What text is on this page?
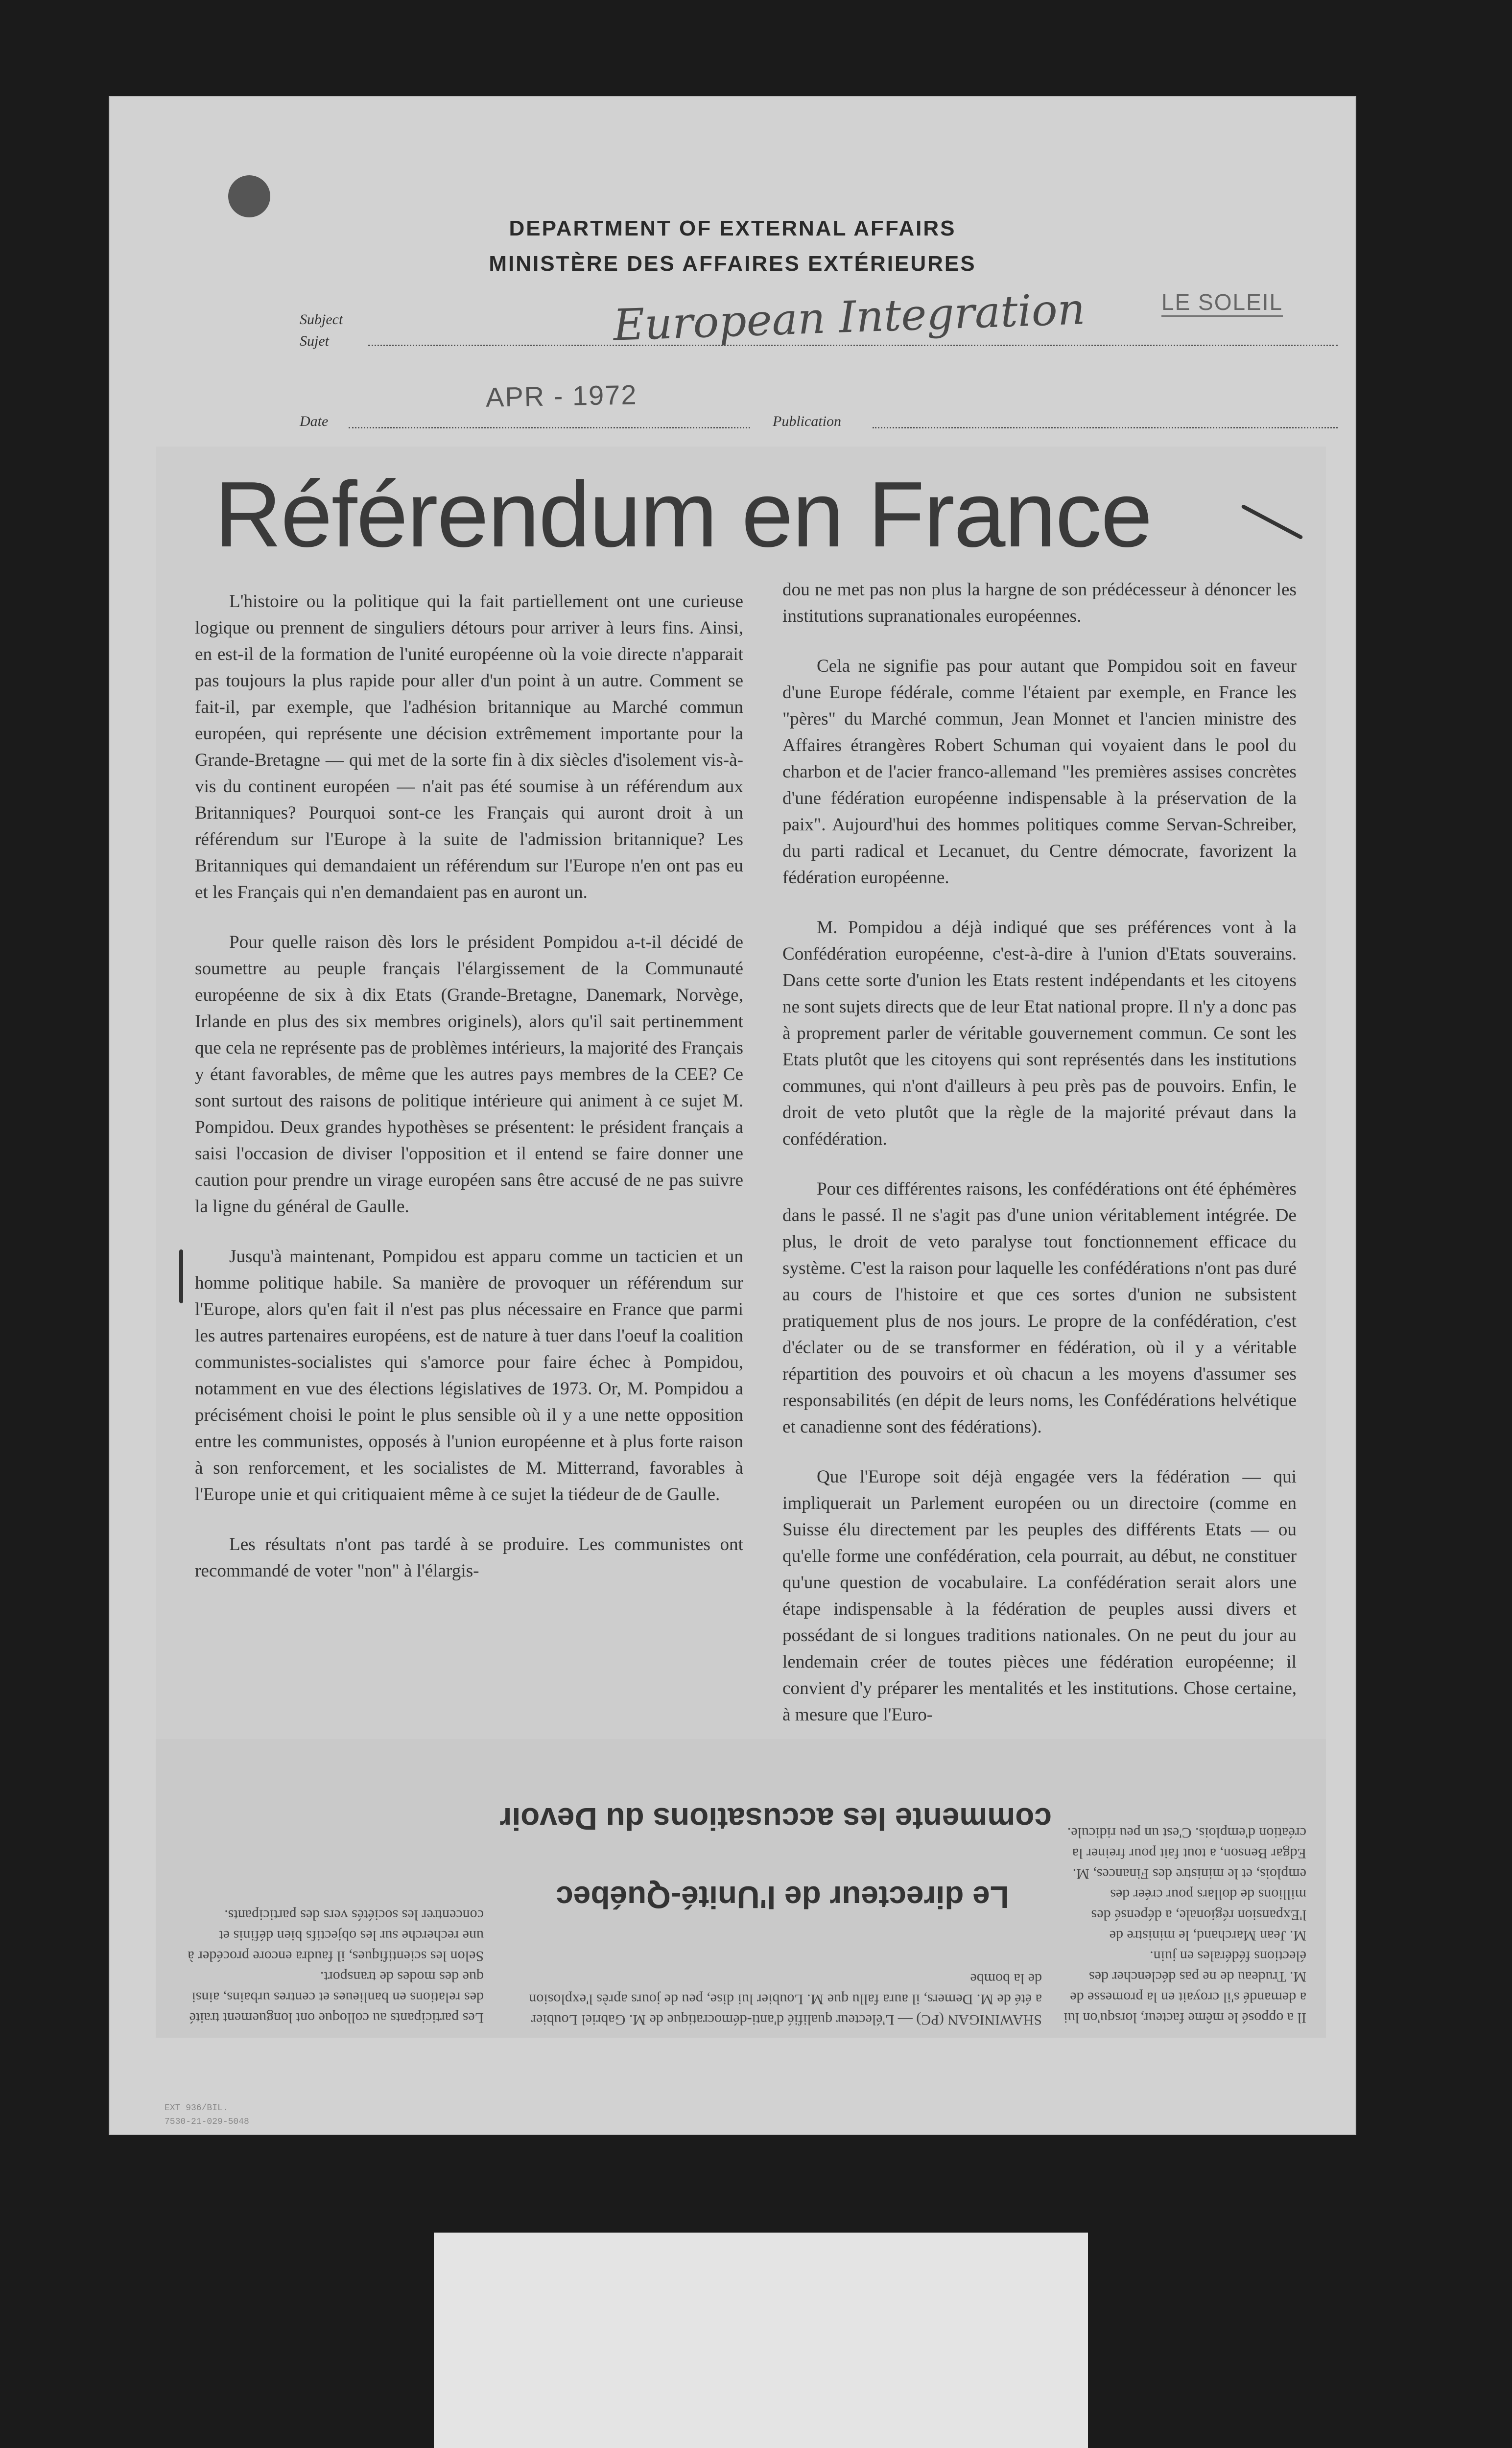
DEPARTMENT OF EXTERNAL AFFAIRS
MINISTÈRE DES AFFAIRES EXTÉRIEURES
Subject
Sujet	European Integration	LE SOLEIL
Date
APR - 1972
Publication
Référendum en France

L'histoire ou la politique qui la fait partiellement ont une curieuse logique ou prennent de singuliers détours pour arriver à leurs fins. Ainsi, en est-il de la formation de l'unité européenne où la voie directe n'apparait pas toujours la plus rapide pour aller d'un point à un autre. Comment se fait-il, par exemple, que l'adhésion britannique au Marché commun européen, qui représente une décision extrêmement importante pour la Grande-Bretagne — qui met de la sorte fin à dix siècles d'isolement vis-à-vis du continent européen — n'ait pas été soumise à un référendum aux Britanniques? Pourquoi sont-ce les Français qui auront droit à un référendum sur l'Europe à la suite de l'admission britannique? Les Britanniques qui demandaient un référendum sur l'Europe n'en ont pas eu et les Français qui n'en demandaient pas en auront un.

Pour quelle raison dès lors le président Pompidou a-t-il décidé de soumettre au peuple français l'élargissement de la Communauté européenne de six à dix Etats (Grande-Bretagne, Danemark, Norvège, Irlande en plus des six membres originels), alors qu'il sait pertinemment que cela ne représente pas de problèmes intérieurs, la majorité des Français y étant favorables, de même que les autres pays membres de la CEE? Ce sont surtout des raisons de politique intérieure qui animent à ce sujet M. Pompidou. Deux grandes hypothèses se présentent: le président français a saisi l'occasion de diviser l'opposition et il entend se faire donner une caution pour prendre un virage européen sans être accusé de ne pas suivre la ligne du général de Gaulle.

Jusqu'à maintenant, Pompidou est apparu comme un tacticien et un homme politique habile. Sa manière de provoquer un référendum sur l'Europe, alors qu'en fait il n'est pas plus nécessaire en France que parmi les autres partenaires européens, est de nature à tuer dans l'oeuf la coalition communistes-socialistes qui s'amorce pour faire échec à Pompidou, notamment en vue des élections législatives de 1973. Or, M. Pompidou a précisément choisi le point le plus sensible où il y a une nette opposition entre les communistes, opposés à l'union européenne et à plus forte raison à son renforcement, et les socialistes de M. Mitterrand, favorables à l'Europe unie et qui critiquaient même à ce sujet la tiédeur de de Gaulle.

Les résultats n'ont pas tardé à se produire. Les communistes ont recommandé de voter "non" à l'élargis-

dou ne met pas non plus la hargne de son prédécesseur à dénoncer les institutions supranationales européennes.

Cela ne signifie pas pour autant que Pompidou soit en faveur d'une Europe fédérale, comme l'étaient par exemple, en France les "pères" du Marché commun, Jean Monnet et l'ancien ministre des Affaires étrangères Robert Schuman qui voyaient dans le pool du charbon et de l'acier franco-allemand "les premières assises concrètes d'une fédération européenne indispensable à la préservation de la paix". Aujourd'hui des hommes politiques comme Servan-Schreiber, du parti radical et Lecanuet, du Centre démocrate, favorizent la fédération européenne.

M. Pompidou a déjà indiqué que ses préférences vont à la Confédération européenne, c'est-à-dire à l'union d'Etats souverains. Dans cette sorte d'union les Etats restent indépendants et les citoyens ne sont sujets directs que de leur Etat national propre. Il n'y a donc pas à proprement parler de véritable gouvernement commun. Ce sont les Etats plutôt que les citoyens qui sont représentés dans les institutions communes, qui n'ont d'ailleurs à peu près pas de pouvoirs. Enfin, le droit de veto plutôt que la règle de la majorité prévaut dans la confédération.

Pour ces différentes raisons, les confédérations ont été éphémères dans le passé. Il ne s'agit pas d'une union véritablement intégrée. De plus, le droit de veto paralyse tout fonctionnement efficace du système. C'est la raison pour laquelle les confédérations n'ont pas duré au cours de l'histoire et que ces sortes d'union ne subsistent pratiquement plus de nos jours. Le propre de la confédération, c'est d'éclater ou de se transformer en fédération, où il y a véritable répartition des pouvoirs et où chacun a les moyens d'assumer ses responsabilités (en dépit de leurs noms, les Confédérations helvétique et canadienne sont des fédérations).

Que l'Europe soit déjà engagée vers la fédération — qui impliquerait un Parlement européen ou un directoire (comme en Suisse élu directement par les peuples des différents Etats — ou qu'elle forme une confédération, cela pourrait, au début, ne constituer qu'une question de vocabulaire. La confédération serait alors une étape indispensable à la fédération de peuples aussi divers et possédant de si longues traditions nationales. On ne peut du jour au lendemain créer de toutes pièces une fédération européenne; il convient d'y préparer les mentalités et les institutions. Chose certaine, à mesure que l'Euro-

Le directeur de l'Unité-Québec
commente les accusations du Devoir
SHAWINIGAN (PC) — L'électeur qualifié d'anti-démocratique de M. Gabriel Loubier a été de M. Demers, il aura fallu que M. Loubier lui dise, peu de jours après l'explosion de la bombe
Les participants au colloque ont longuement traité des relations en banlieues et centres urbains, ainsi que des modes de transport.
Selon les scientifiques, il faudra encore procéder à une recherche sur les objectifs bien définis et concentrer les sociétés vers des participants.
Il a opposé le même facteur, lorsqu'on lui a demandé s'il croyait en la promesse de M. Trudeau de ne pas déclencher des élections fédérales en juin.
M. Jean Marchand, le ministre de l'Expansion régionale, a dépensé des millions de dollars pour créer des emplois, et le ministre des Finances, M. Edgar Benson, a tout fait pour freiner la création d'emplois. C'est un peu ridicule.
EXT 936/BIL.
7530-21-029-5048
